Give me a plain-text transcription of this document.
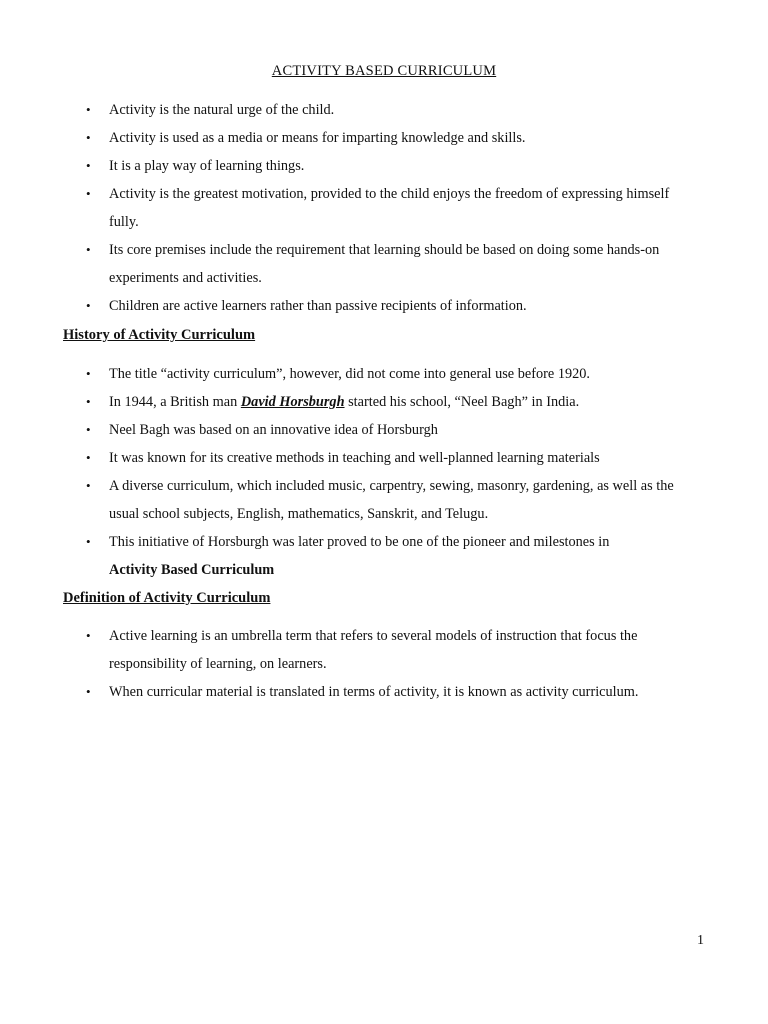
ACTIVITY BASED CURRICULUM
• Activity is the natural urge of the child.
• Activity is used as a media or means for imparting knowledge and skills.
• It is a play way of learning things.
• Activity is the greatest motivation, provided to the child enjoys the freedom of expressing himself fully.
• Its core premises include the requirement that learning should be based on doing some hands-on experiments and activities.
• Children are active learners rather than passive recipients of information.
History of Activity Curriculum
• The title “activity curriculum”, however, did not come into general use before 1920.
• In 1944, a British man David Horsburgh started his school, “Neel Bagh” in India.
• Neel Bagh was based on an innovative idea of Horsburgh
• It was known for its creative methods in teaching and well-planned learning materials
• A diverse curriculum, which included music, carpentry, sewing, masonry, gardening, as well as the usual school subjects, English, mathematics, Sanskrit, and Telugu.
• This initiative of Horsburgh was later proved to be one of the pioneer and milestones in
Activity Based Curriculum
Definition of Activity Curriculum
• Active learning is an umbrella term that refers to several models of instruction that focus the responsibility of learning, on learners.
• When curricular material is translated in terms of activity, it is known as activity curriculum.
1
